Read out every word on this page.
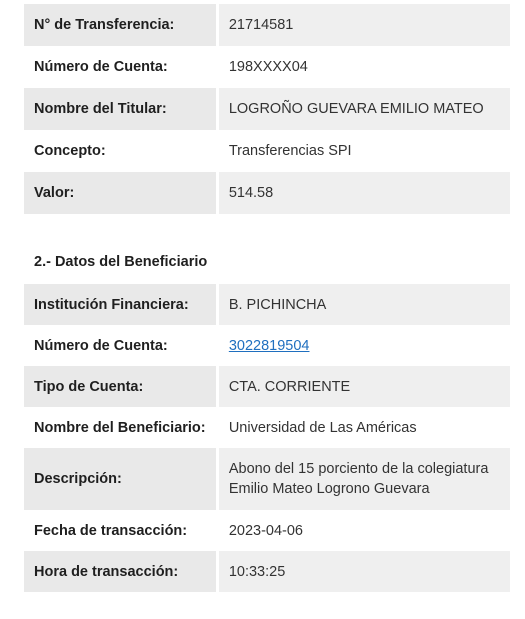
N° de Transferencia:	21714581
Número de Cuenta:	198XXXX04
Nombre del Titular:	LOGROÑO GUEVARA EMILIO MATEO
Concepto:	Transferencias SPI
Valor:	514.58
2.- Datos del Beneficiario
Institución Financiera:	B. PICHINCHA
Número de Cuenta:	3022819504
Tipo de Cuenta:	CTA. CORRIENTE
Nombre del Beneficiario:	Universidad de Las Américas
Descripción:
Abono del 15 porciento de la colegiatura
Emilio Mateo Logrono Guevara
Fecha de transacción:	2023-04-06
Hora de transacción:	10:33:25
